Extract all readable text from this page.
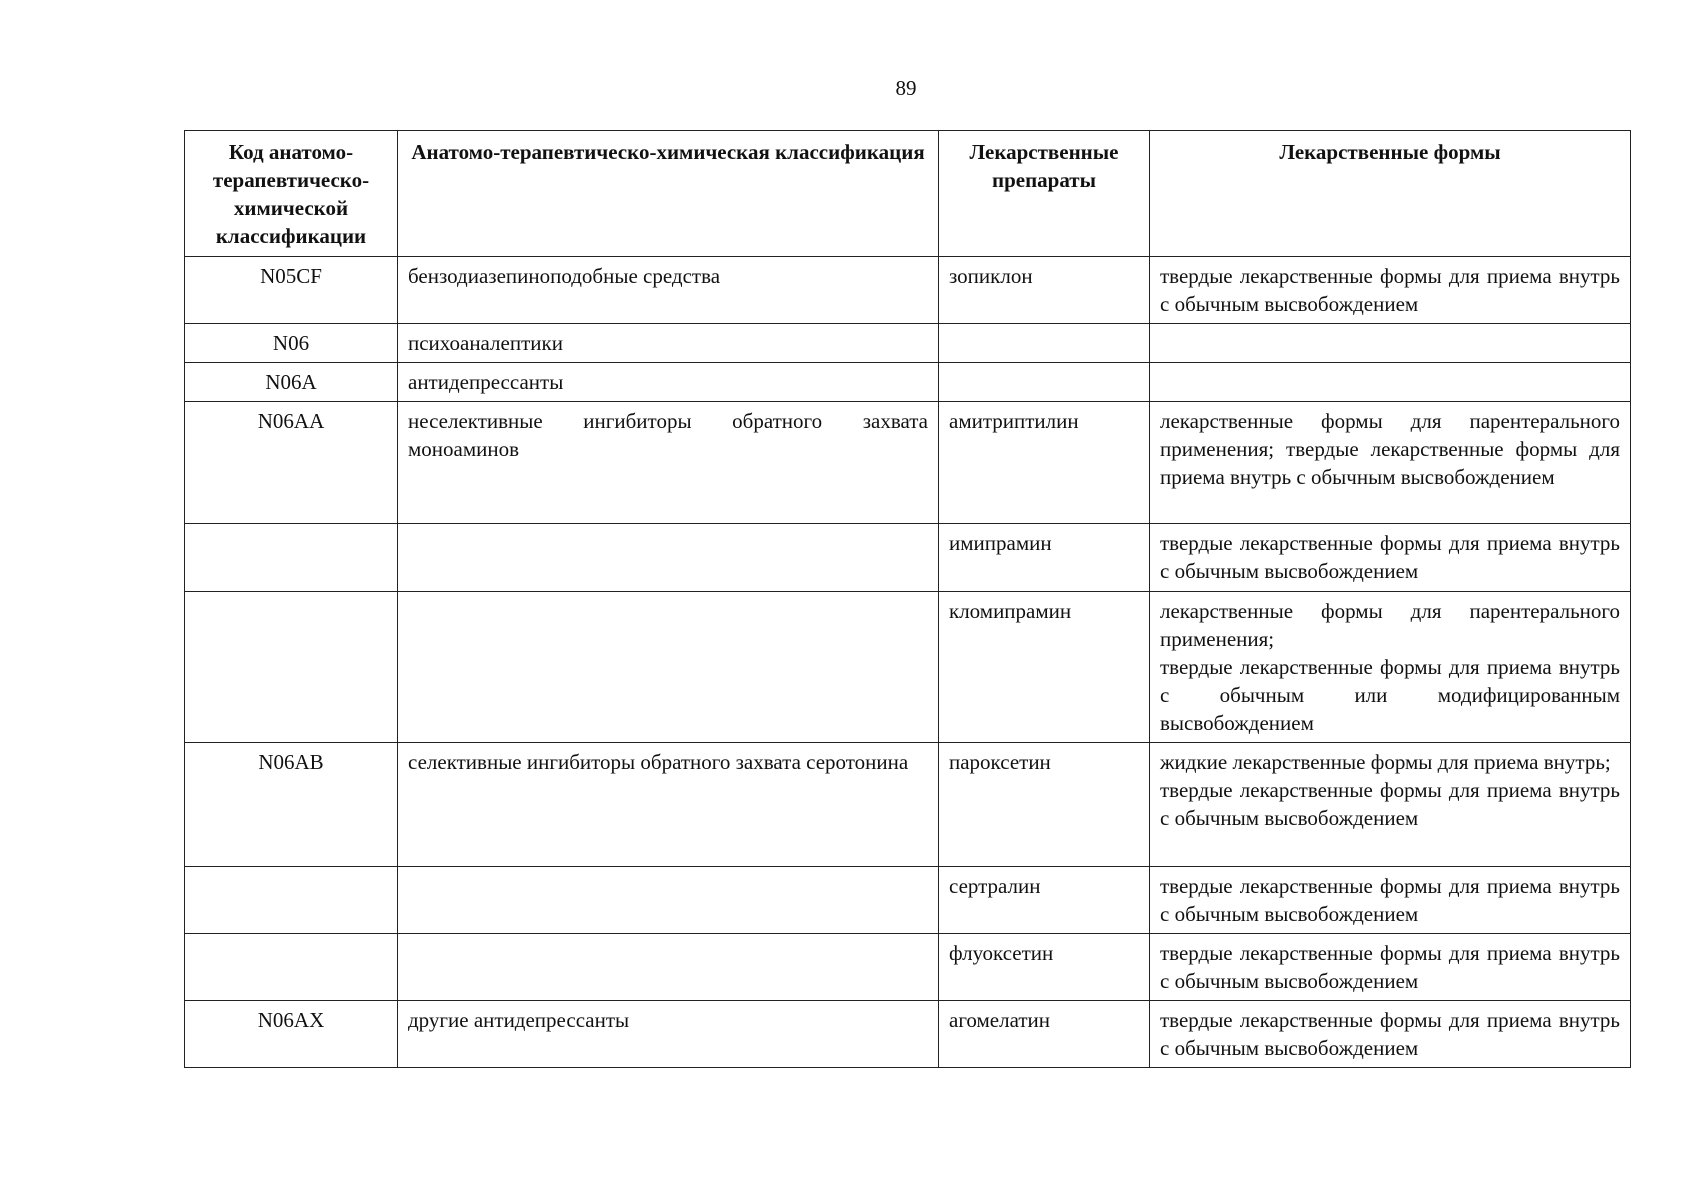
89
Код анатомо-терапевтическо-химической классификации	Анатомо-терапевтическо-химическая классификация	Лекарственные препараты	Лекарственные формы
N05CF	бензодиазепиноподобные средства	зопиклон	твердые лекарственные формы для приема внутрь с обычным высвобождением

N06	психоаналептики		
N06A	антидепрессанты		
N06AA	неселективные ингибиторы обратного захвата моноаминов	амитриптилин	лекарственные формы для парентерального применения; твердые лекарственные формы для приема внутрь с обычным высвобождением

		имипрамин	твердые лекарственные формы для приема внутрь с обычным высвобождением

		кломипрамин	лекарственные формы для парентерального применения;
твердые лекарственные формы для приема внутрь с обычным или модифицированным высвобождением

N06AB	селективные ингибиторы обратного захвата серотонина	пароксетин	жидкие лекарственные формы для приема внутрь;
твердые лекарственные формы для приема внутрь с обычным высвобождением

		сертралин	твердые лекарственные формы для приема внутрь с обычным высвобождением

		флуоксетин	твердые лекарственные формы для приема внутрь с обычным высвобождением

N06AX	другие антидепрессанты	агомелатин	твердые лекарственные формы для приема внутрь с обычным высвобождением
